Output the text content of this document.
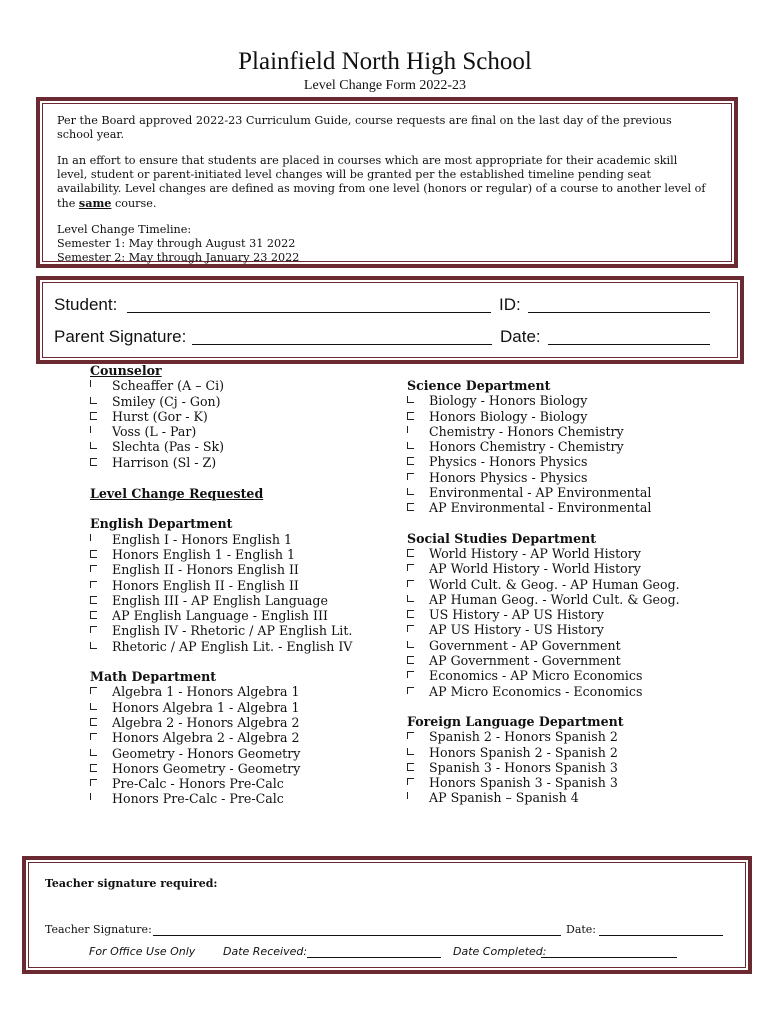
Plainfield North High School
Level Change Form 2022-23

Per the Board approved 2022-23 Curriculum Guide, course requests are final on the last day of the previous school year.

In an effort to ensure that students are placed in courses which are most appropriate for their academic skill level, student or parent-initiated level changes will be granted per the established timeline pending seat availability. Level changes are defined as moving from one level (honors or regular) of a course to another level of the same course.

Level Change Timeline:
Semester 1: May through August 31 2022
Semester 2: May through January 23 2022
Student:	ID:
Parent Signature:	Date:
Counselor
Scheaffer (A – Ci)
Smiley (Cj - Gon)
Hurst (Gor - K)
Voss (L - Par)
Slechta (Pas - Sk)
Harrison (Sl - Z)
Level Change Requested
English Department
English I - Honors English 1
Honors English 1 - English 1
English II - Honors English II
Honors English II - English II
English III - AP English Language
AP English Language - English III
English IV - Rhetoric / AP English Lit.
Rhetoric / AP English Lit. - English IV
Math Department
Algebra 1 - Honors Algebra 1
Honors Algebra 1 - Algebra 1
Algebra 2 - Honors Algebra 2
Honors Algebra 2 - Algebra 2
Geometry - Honors Geometry
Honors Geometry - Geometry
Pre-Calc - Honors Pre-Calc
Honors Pre-Calc - Pre-Calc
Science Department
Biology - Honors Biology
Honors Biology - Biology
Chemistry - Honors Chemistry
Honors Chemistry - Chemistry
Physics - Honors Physics
Honors Physics - Physics
Environmental - AP Environmental
AP Environmental - Environmental
Social Studies Department
World History - AP World History
AP World History - World History
World Cult. & Geog. - AP Human Geog.
AP Human Geog. - World Cult. & Geog.
US History - AP US History
AP US History - US History
Government - AP Government
AP Government - Government
Economics - AP Micro Economics
AP Micro Economics - Economics
Foreign Language Department
Spanish 2 - Honors Spanish 2
Honors Spanish 2 - Spanish 2
Spanish 3 - Honors Spanish 3
Honors Spanish 3 - Spanish 3
AP Spanish – Spanish 4
Teacher signature required:
Teacher Signature:	Date:
For Office Use Only	Date Received:	Date Completed:
